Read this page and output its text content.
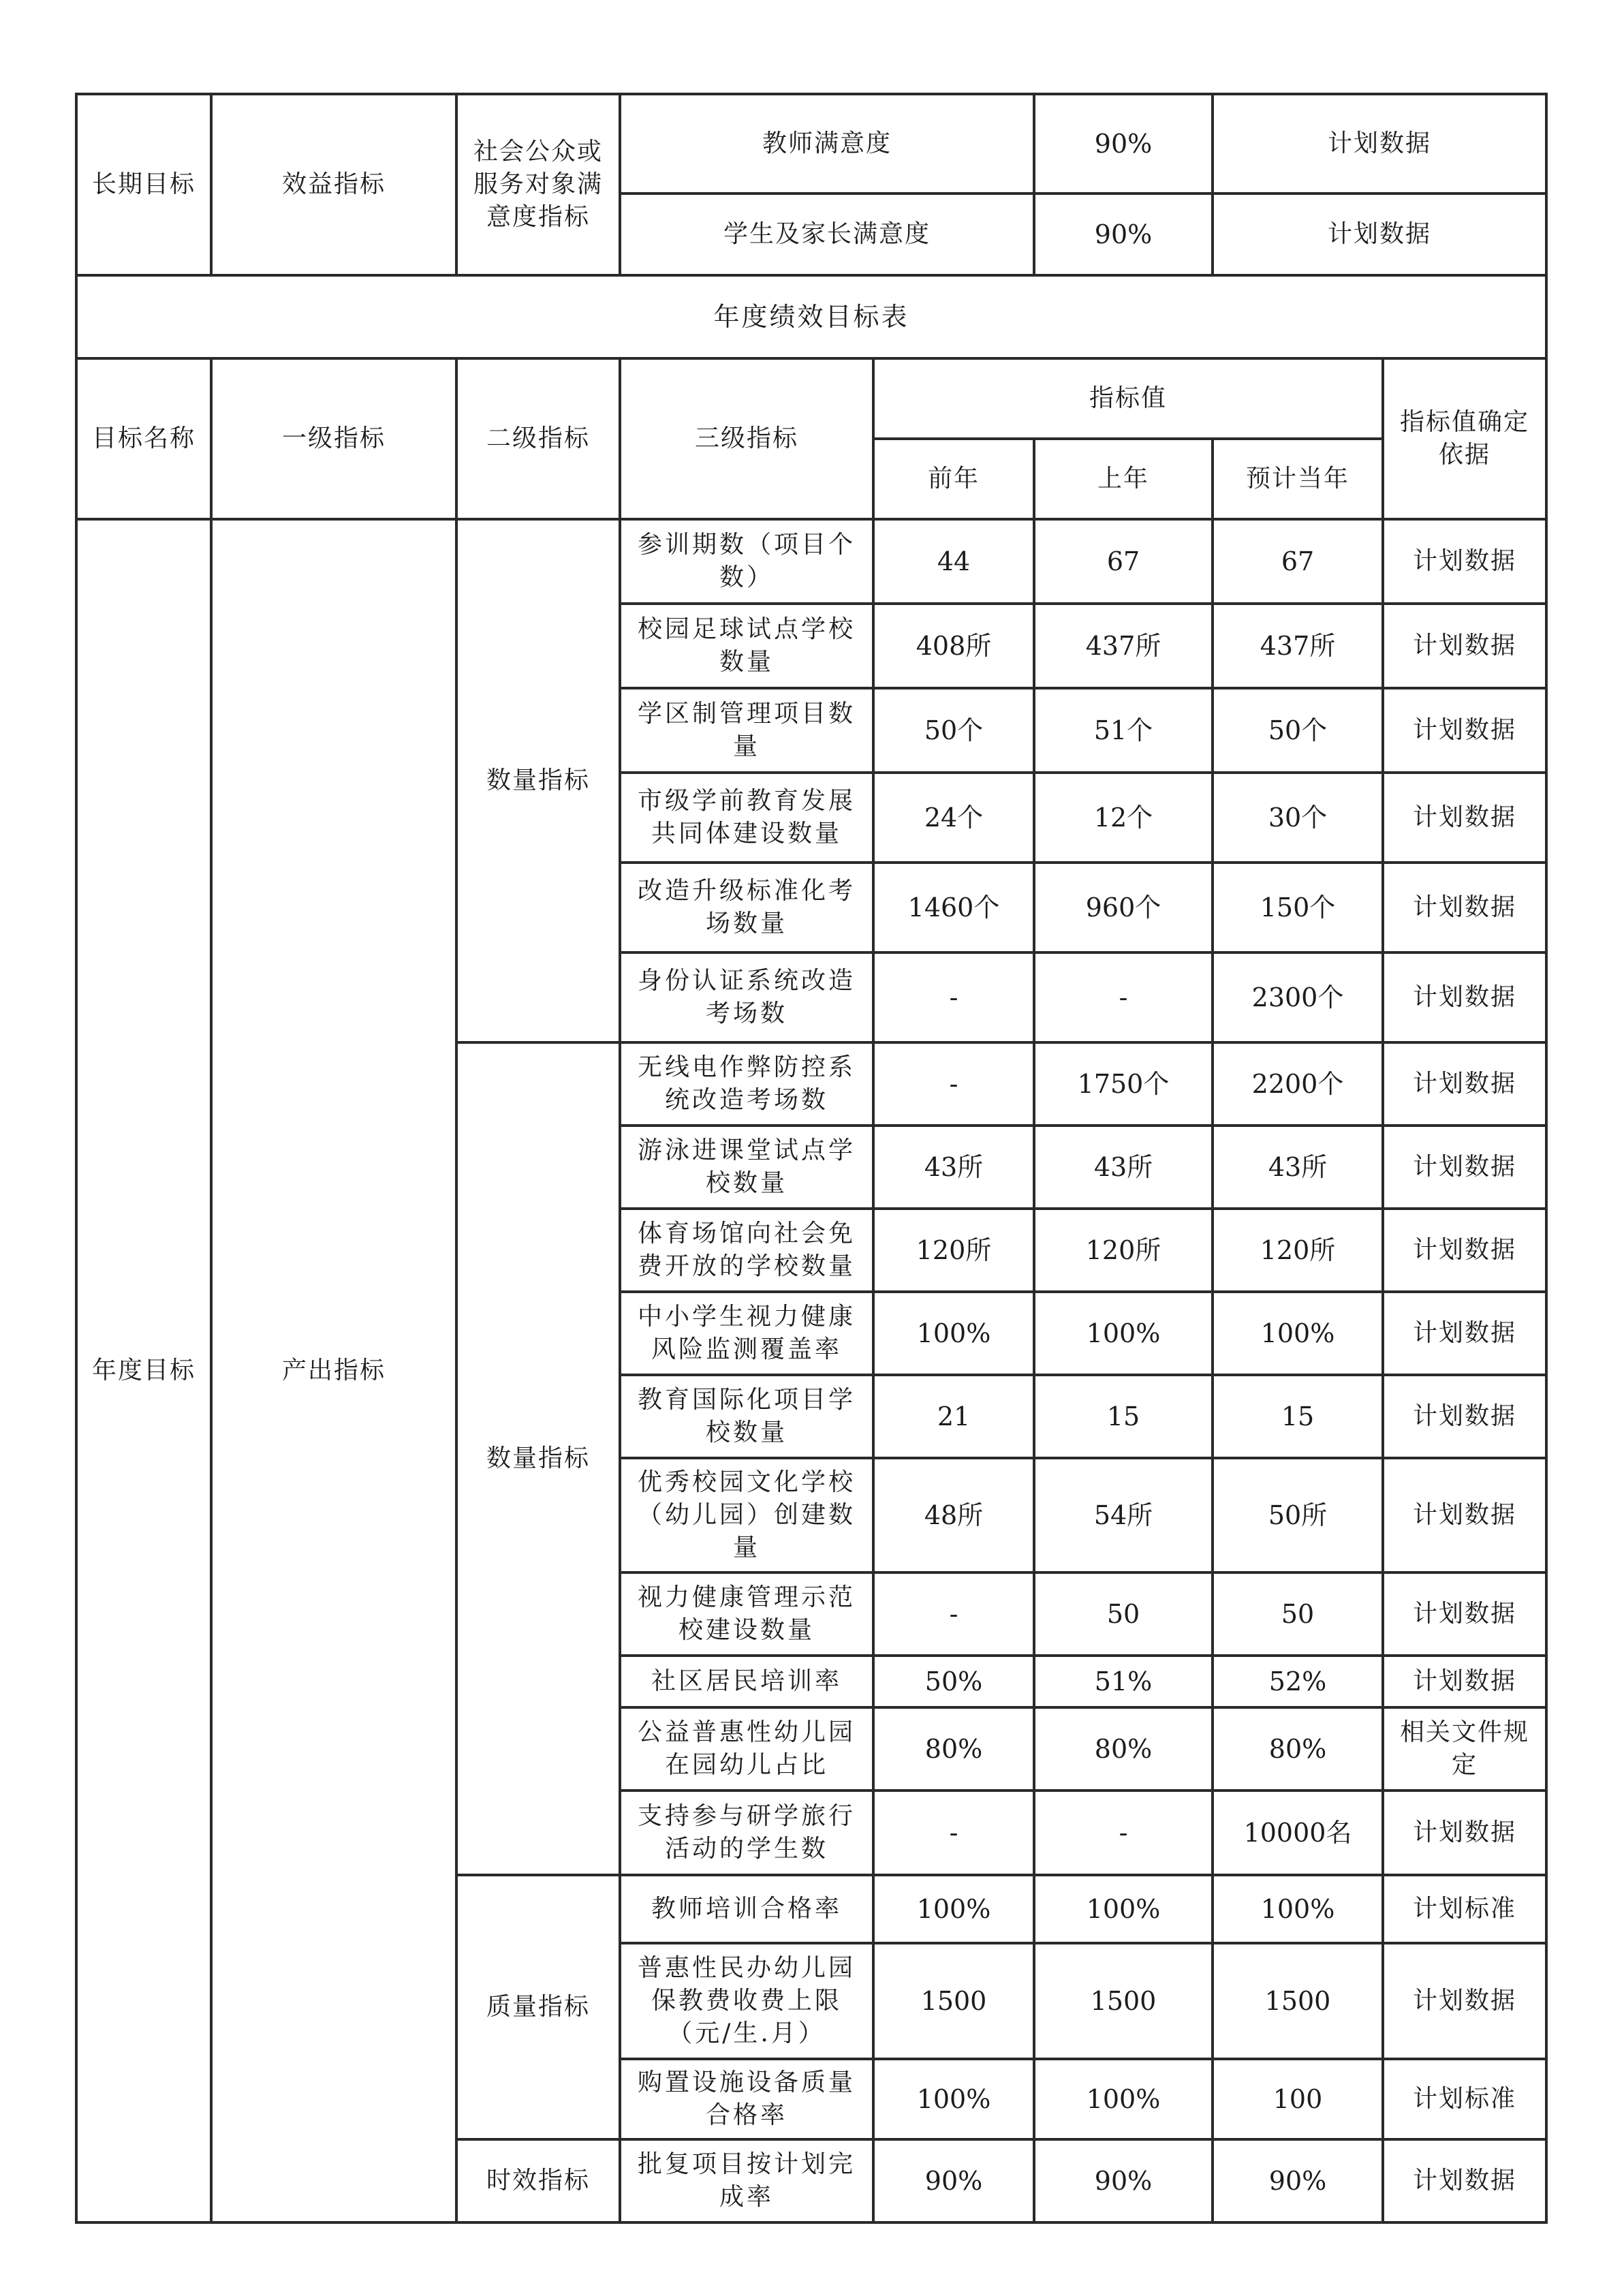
长期目标	效益指标	社会公众或服务对象满意度指标	教师满意度		90%	计划数据	
			学生及家长满意度		90%	计划数据	
年度绩效目标表							
目标名称	一级指标	二级指标	三级指标	指标值			指标值确定依据
				前年	上年	预计当年	
年度目标	产出指标	数量指标	参训期数（项目个数）	44	67	67	计划数据
			校园足球试点学校数量	408所	437所	437所	计划数据
			学区制管理项目数量	50个	51个	50个	计划数据
			市级学前教育发展共同体建设数量	24个	12个	30个	计划数据
			改造升级标准化考场数量	1460个	960个	150个	计划数据
			身份认证系统改造考场数	-	-	2300个	计划数据
		数量指标	无线电作弊防控系统改造考场数	-	1750个	2200个	计划数据
			游泳进课堂试点学校数量	43所	43所	43所	计划数据
			体育场馆向社会免费开放的学校数量	120所	120所	120所	计划数据
			中小学生视力健康风险监测覆盖率	100%	100%	100%	计划数据
			教育国际化项目学校数量	21	15	15	计划数据
			优秀校园文化学校（幼儿园）创建数量	48所	54所	50所	计划数据
			视力健康管理示范校建设数量	-	50	50	计划数据
			社区居民培训率	50%	51%	52%	计划数据
			公益普惠性幼儿园在园幼儿占比	80%	80%	80%	相关文件规定
			支持参与研学旅行活动的学生数	-	-	10000名	计划数据
		质量指标	教师培训合格率	100%	100%	100%	计划标准
			普惠性民办幼儿园保教费收费上限（元/生.月）	1500	1500	1500	计划数据
			购置设施设备质量合格率	100%	100%	100	计划标准
		时效指标	批复项目按计划完成率	90%	90%	90%	计划数据
